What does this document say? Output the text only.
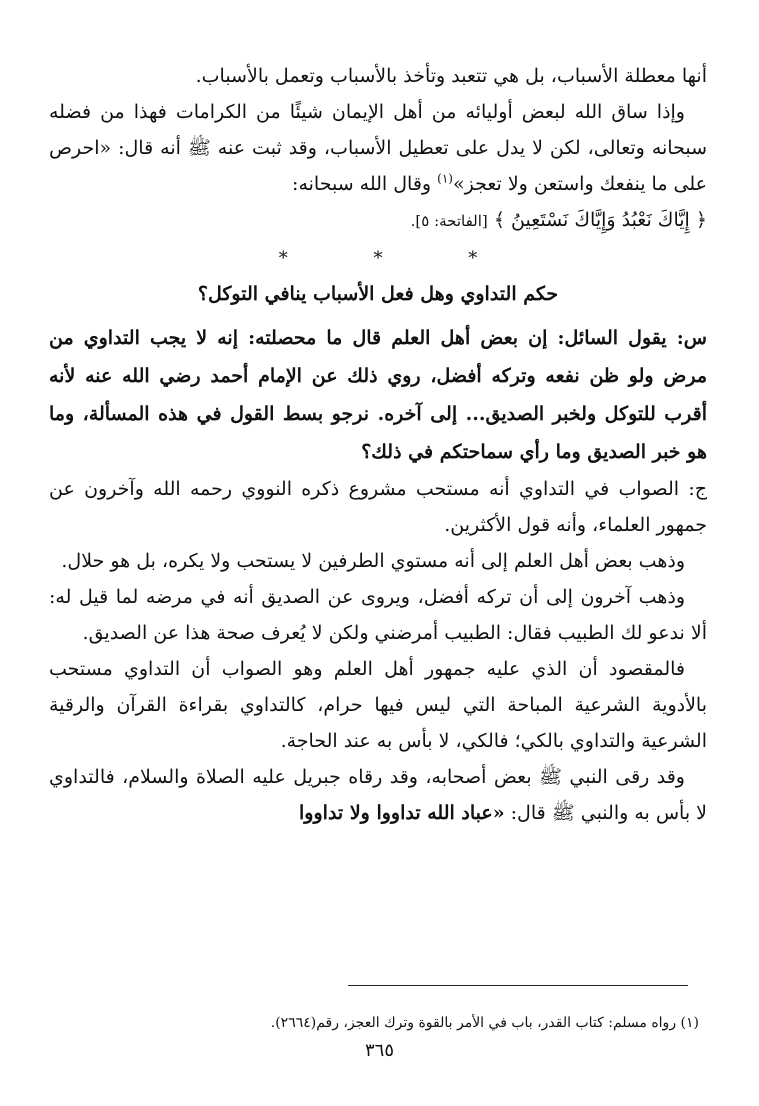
أنها معطلة الأسباب، بل هي تتعبد وتأخذ بالأسباب وتعمل بالأسباب.

وإذا ساق الله لبعض أوليائه من أهل الإيمان شيئًا من الكرامات فهذا من فضله سبحانه وتعالى، لكن لا يدل على تعطيل الأسباب، وقد ثبت عنه ﷺ أنه قال: «احرص على ما ينفعك واستعن ولا تعجز»$^{(١)}$ وقال الله سبحانه:

﴿ إِيَّاكَ نَعْبُدُ وَإِيَّاكَ نَسْتَعِينُ ﴾ [الفاتحة: ٥].

* * *
حكم التداوي وهل فعل الأسباب ينافي التوكل؟

س: يقول السائل: إن بعض أهل العلم قال ما محصلته: إنه لا يجب التداوي من مرض ولو ظن نفعه وتركه أفضل، روي ذلك عن الإمام أحمد رضي الله عنه لأنه أقرب للتوكل ولخبر الصديق... إلى آخره. نرجو بسط القول في هذه المسألة، وما هو خبر الصديق وما رأي سماحتكم في ذلك؟

ج: الصواب في التداوي أنه مستحب مشروع ذكره النووي رحمه الله وآخرون عن جمهور العلماء، وأنه قول الأكثرين.

وذهب بعض أهل العلم إلى أنه مستوي الطرفين لا يستحب ولا يكره، بل هو حلال.

وذهب آخرون إلى أن تركه أفضل، ويروى عن الصديق أنه في مرضه لما قيل له: ألا ندعو لك الطبيب فقال: الطبيب أمرضني ولكن لا يُعرف صحة هذا عن الصديق.

فالمقصود أن الذي عليه جمهور أهل العلم وهو الصواب أن التداوي مستحب بالأدوية الشرعية المباحة التي ليس فيها حرام، كالتداوي بقراءة القرآن والرقية الشرعية والتداوي بالكي؛ فالكي، لا بأس به عند الحاجة.

وقد رقى النبي ﷺ بعض أصحابه، وقد رقاه جبريل عليه الصلاة والسلام، فالتداوي لا بأس به والنبي ﷺ قال: «عباد الله تداووا ولا تداووا

(١) رواه مسلم: كتاب القدر، باب في الأمر بالقوة وترك العجز، رقم(٢٦٦٤).
٣٦٥
